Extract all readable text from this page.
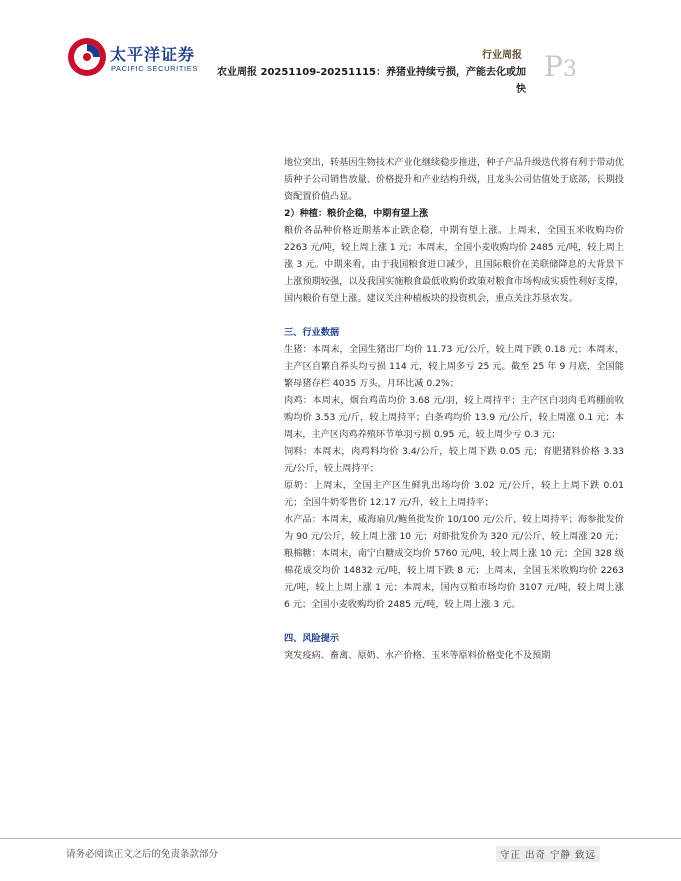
太平洋证券
PACIFIC SECURITIES
行业周报
农业周报 20251109-20251115：养猪业持续亏损，产能去化或加快
P3

地位突出，转基因生物技术产业化继续稳步推进，种子产品升级迭代将有利于带动优质种子公司销售放量、价格提升和产业结构升级，且龙头公司估值处于底部，长期投资配置价值凸显。

2）种植：粮价企稳，中期有望上涨

粮价各品种价格近期基本止跌企稳，中期有望上涨。上周末，全国玉米收购均价 2263 元/吨，较上周上涨 1 元；本周末，全国小麦收购均价 2485 元/吨，较上周上涨 3 元。中期来看，由于我国粮食进口减少，且国际粮价在美联储降息的大背景下上涨预期较强，以及我国实施粮食最低收购价政策对粮食市场构成实质性利好支撑，国内粮价有望上涨。建议关注种植板块的投资机会，重点关注苏垦农发。

三、行业数据

生猪：本周末，全国生猪出厂均价 11.73 元/公斤，较上周下跌 0.18 元；本周末，主产区自繁自养头均亏损 114 元，较上周多亏 25 元。截至 25 年 9 月底，全国能繁母猪存栏 4035 万头，月环比减 0.2%；

肉鸡：本周末，烟台鸡苗均价 3.68 元/羽，较上周持平；主产区白羽肉毛鸡棚前收购均价 3.53 元/斤，较上周持平；白条鸡均价 13.9 元/公斤，较上周涨 0.1 元；本周末，主产区肉鸡养殖环节单羽亏损 0.95 元，较上周少亏 0.3 元；

饲料：本周末，肉鸡料均价 3.4/公斤，较上周下跌 0.05 元；育肥猪料价格 3.33 元/公斤，较上周持平；

原奶：上周末，全国主产区生鲜乳出场均价 3.02 元/公斤，较上上周下跌 0.01 元；全国牛奶零售价 12.17 元/升，较上上周持平；

水产品：本周末，威海扇贝/鲍鱼批发价 10/100 元/公斤，较上周持平；海参批发价为 90 元/公斤，较上周上涨 10 元；对虾批发价为 320 元/公斤，较上周涨 20 元；

粮棉糖：本周末，南宁白糖成交均价 5760 元/吨，较上周上涨 10 元；全国 328 级棉花成交均价 14832 元/吨，较上周下跌 8 元；上周末，全国玉米收购均价 2263 元/吨，较上上周上涨 1 元；本周末，国内豆粕市场均价 3107 元/吨，较上周上涨 6 元；全国小麦收购均价 2485 元/吨，较上周上涨 3 元。

四、风险提示

突发疫病、畜禽、原奶、水产价格、玉米等原料价格变化不及预期

请务必阅读正文之后的免责条款部分	守正 出奇 宁静 致远
